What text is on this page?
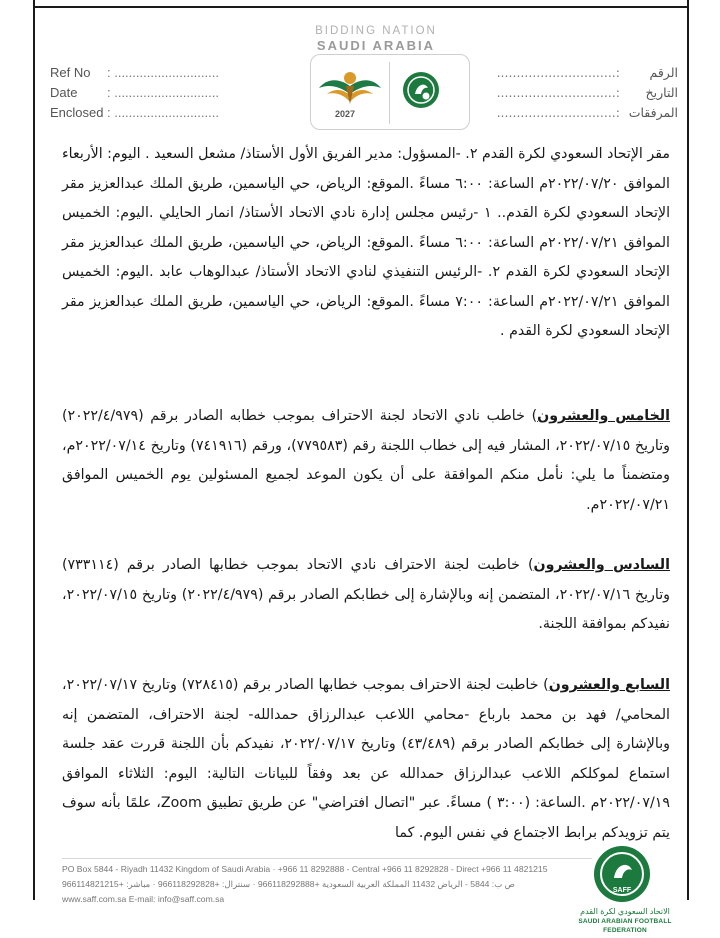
Ref No : .............................
Date : .............................
Enclosed : .............................
BIDDING NATION
SAUDI ARABIA
2027
الرقم:..............................
التاريخ:..............................
المرفقات:..............................

مقر الإتحاد السعودي لكرة القدم ٢. -المسؤول: مدير الفريق الأول الأستاذ/ مشعل السعيد . اليوم: الأربعاء الموافق ٢٠٢٢/٠٧/٢٠م الساعة: ٦:٠٠ مساءً .الموقع: الرياض، حي الياسمين، طريق الملك عبدالعزيز مقر الإتحاد السعودي لكرة القدم.. ١ -رئيس مجلس إدارة نادي الاتحاد الأستاذ/ انمار الحايلي .اليوم: الخميس الموافق ٢٠٢٢/٠٧/٢١م الساعة: ٦:٠٠ مساءً .الموقع: الرياض، حي الياسمين، طريق الملك عبدالعزيز مقر الإتحاد السعودي لكرة القدم ٢. -الرئيس التنفيذي لنادي الاتحاد الأستاذ/ عبدالوهاب عابد .اليوم: الخميس الموافق ٢٠٢٢/٠٧/٢١م الساعة: ٧:٠٠ مساءً .الموقع: الرياض، حي الياسمين، طريق الملك عبدالعزيز مقر الإتحاد السعودي لكرة القدم .

الخامس والعشرون) خاطب نادي الاتحاد لجنة الاحتراف بموجب خطابه الصادر برقم (٢٠٢٢/٤/٩٧٩) وتاريخ ٢٠٢٢/٠٧/١٥، المشار فيه إلى خطاب اللجنة رقم (٧٧٩٥٨٣)، ورقم (٧٤١٩١٦) وتاريخ ٢٠٢٢/٠٧/١٤م، ومتضمناً ما يلي: نأمل منكم الموافقة على أن يكون الموعد لجميع المسئولين يوم الخميس الموافق ٢٠٢٢/٠٧/٢١م.

السادس والعشرون) خاطبت لجنة الاحتراف نادي الاتحاد بموجب خطابها الصادر برقم (٧٣٣١١٤) وتاريخ ٢٠٢٢/٠٧/١٦، المتضمن إنه وبالإشارة إلى خطابكم الصادر برقم (٢٠٢٢/٤/٩٧٩) وتاريخ ٢٠٢٢/٠٧/١٥، نفيدكم بموافقة اللجنة.

السابع والعشرون) خاطبت لجنة الاحتراف بموجب خطابها الصادر برقم (٧٢٨٤١٥) وتاريخ ٢٠٢٢/٠٧/١٧، المحامي/ فهد بن محمد بارباع -محامي اللاعب عبدالرزاق حمدالله- لجنة الاحتراف، المتضمن إنه وبالإشارة إلى خطابكم الصادر برقم (٤٣/٤٨٩) وتاريخ ٢٠٢٢/٠٧/١٧، نفيدكم بأن اللجنة قررت عقد جلسة استماع لموكلكم اللاعب عبدالرزاق حمدالله عن بعد وفقاً للبيانات التالية: اليوم: الثلاثاء الموافق ٢٠٢٢/٠٧/١٩م .الساعة: (٣:٠٠ ) مساءً. عبر "اتصال افتراضي" عن طريق تطبيق Zoom، علمًا بأنه سوف يتم تزويدكم برابط الاجتماع في نفس اليوم. كما

PO Box 5844 - Riyadh 11432 Kingdom of Saudi Arabia · +966 11 8292888 - Central +966 11 8292828 - Direct +966 11 4821215
ص ب: 5844 - الرياض 11432 المملكة العربية السعودية +966118292888 · سنترال: +966118292828 · مباشر: +966114821215
www.saff.com.sa E-mail: info@saff.com.sa
SAFF
الاتحاد السعودي لكرة القدم
SAUDI ARABIAN FOOTBALL FEDERATION
